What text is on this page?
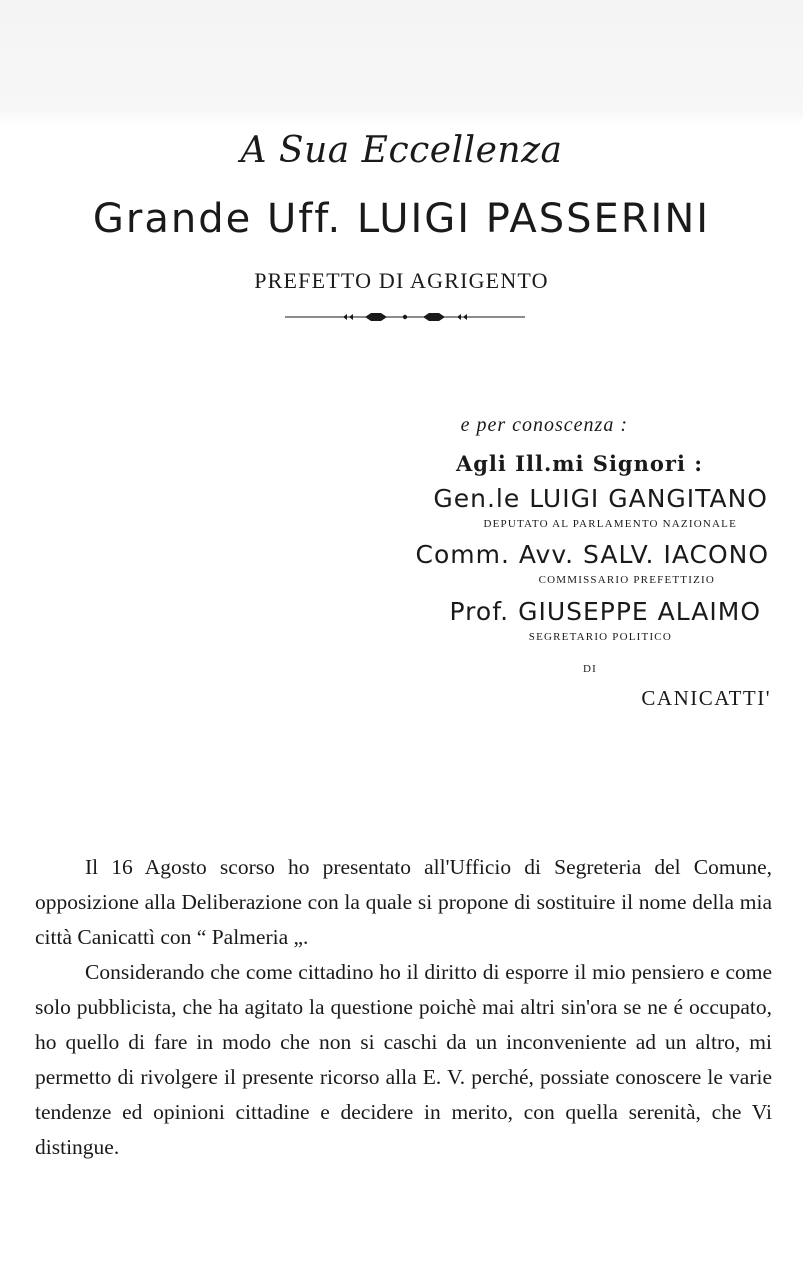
A Sua Eccellenza
Grande Uff. LUIGI PASSERINI
PREFETTO DI AGRIGENTO
e per conoscenza :
Agli Ill.mi Signori :
Gen.le LUIGI GANGITANO
DEPUTATO AL PARLAMENTO NAZIONALE
Comm. Avv. SALV. IACONO
COMMISSARIO PREFETTIZIO
Prof. GIUSEPPE ALAIMO
SEGRETARIO POLITICO
DI
CANICATTI'

Il 16 Agosto scorso ho presentato all'Ufficio di Segreteria del Comune, opposizione alla Deliberazione con la quale si propone di sostituire il nome della mia città Canicattì con “ Palmeria „.

Considerando che come cittadino ho il diritto di esporre il mio pensiero e come solo pubblicista, che ha agitato la questione poichè mai altri sin'ora se ne é occupato, ho quello di fare in modo che non si caschi da un inconveniente ad un altro, mi permetto di rivolgere il presente ricorso alla E. V. perché, possiate conoscere le varie tendenze ed opinioni cittadine e decidere in merito, con quella serenità, che Vi distingue.
